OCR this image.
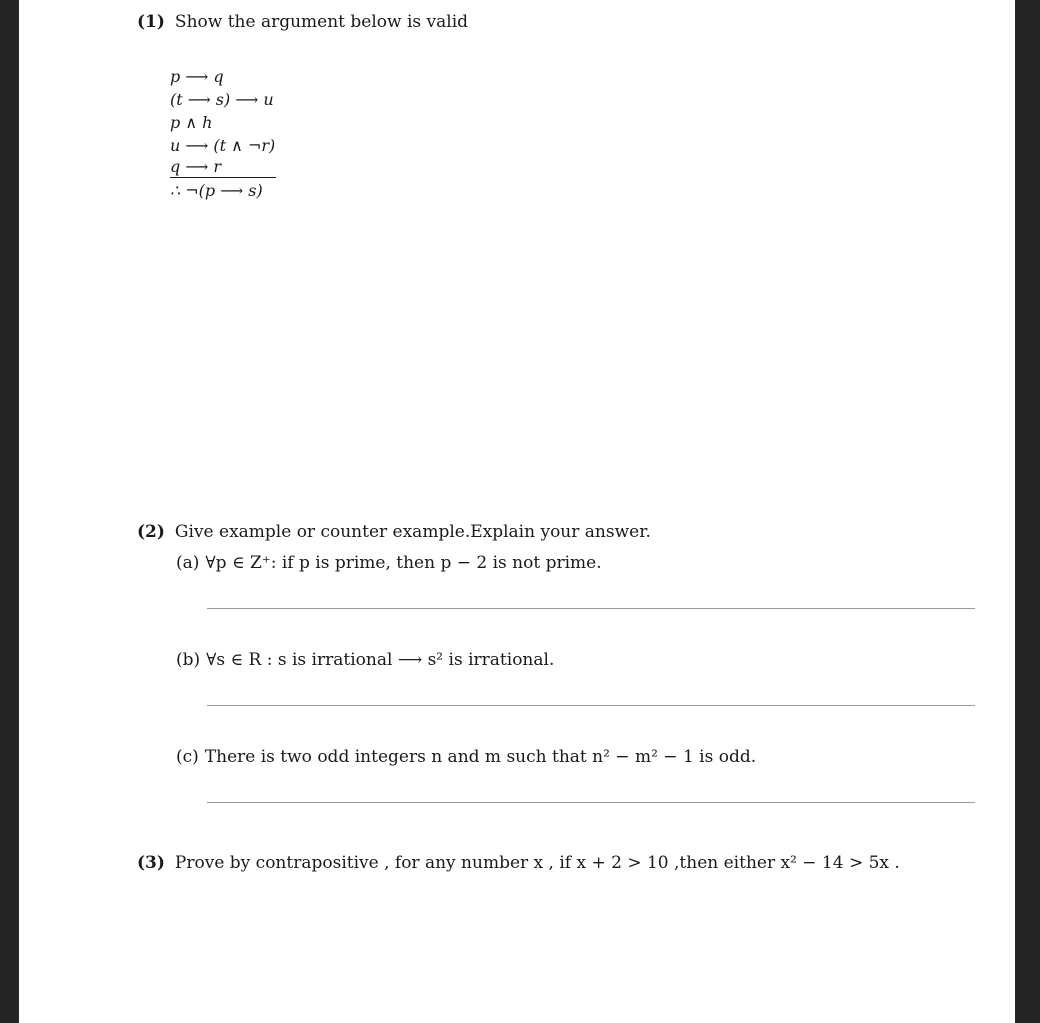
(1) Show the argument below is valid
p ⟶ q
(t ⟶ s) ⟶ u
p ∧ h
u ⟶ (t ∧ ¬r)
q ⟶ r
∴ ¬(p ⟶ s)
(2) Give example or counter example.Explain your answer.
(a) ∀p ∈ Z⁺: if p is prime, then p − 2 is not prime.
(b) ∀s ∈ R : s is irrational ⟶ s² is irrational.
(c) There is two odd integers n and m such that n² − m² − 1 is odd.
(3) Prove by contrapositive , for any number x , if x + 2 > 10 ,then either x² − 14 > 5x .
